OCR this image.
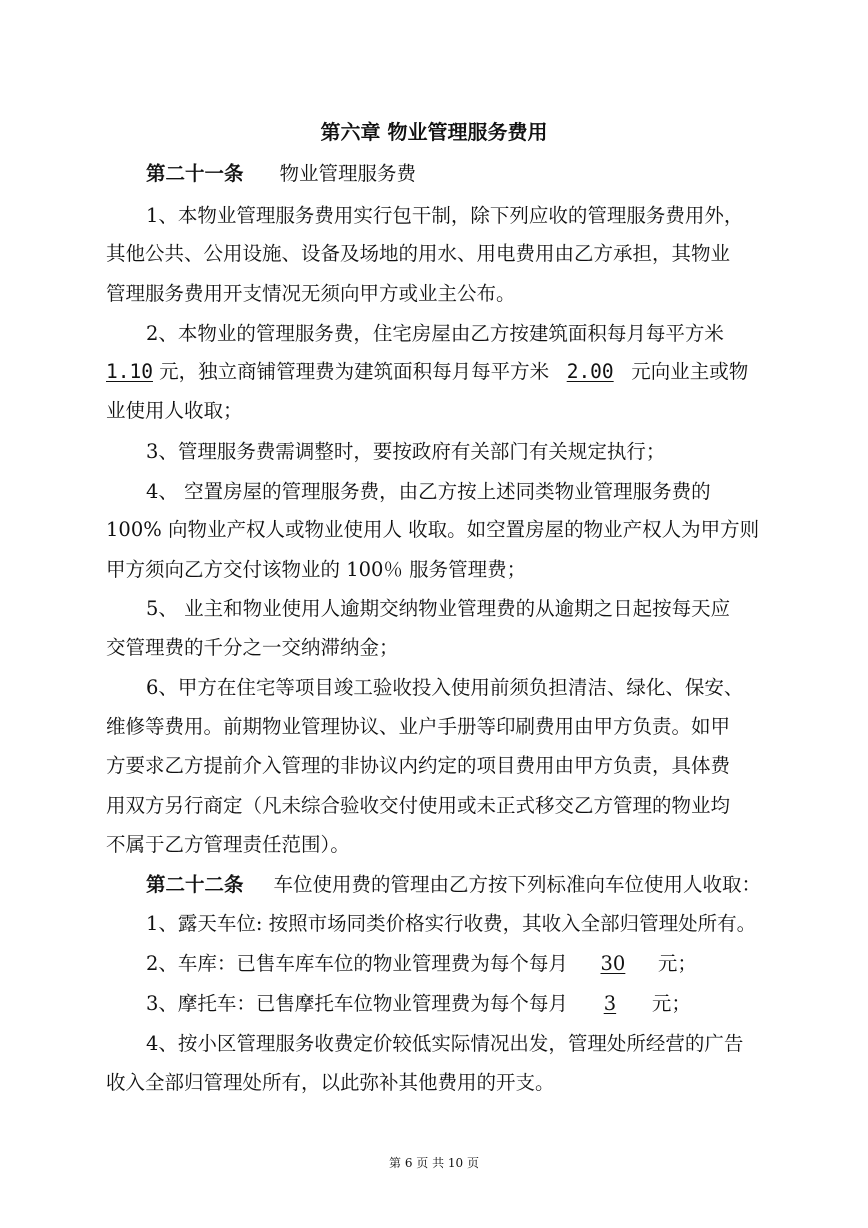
第六章 物业管理服务费用
第二十一条 物业管理服务费
1、本物业管理服务费用实行包干制，除下列应收的管理服务费用外，
其他公共、公用设施、设备及场地的用水、用电费用由乙方承担，其物业
管理服务费用开支情况无须向甲方或业主公布。
2、本物业的管理服务费，住宅房屋由乙方按建筑面积每月每平方米
1.10 元，独立商铺管理费为建筑面积每月每平方米 2.00 元向业主或物
业使用人收取；
3、管理服务费需调整时，要按政府有关部门有关规定执行；
4、 空置房屋的管理服务费，由乙方按上述同类物业管理服务费的
100% 向物业产权人或物业使用人 收取。如空置房屋的物业产权人为甲方则
甲方须向乙方交付该物业的 100％ 服务管理费；
5、 业主和物业使用人逾期交纳物业管理费的从逾期之日起按每天应
交管理费的千分之一交纳滞纳金；
6、甲方在住宅等项目竣工验收投入使用前须负担清洁、绿化、保安、
维修等费用。前期物业管理协议、业户手册等印刷费用由甲方负责。如甲
方要求乙方提前介入管理的非协议内约定的项目费用由甲方负责，具体费
用双方另行商定（凡未综合验收交付使用或未正式移交乙方管理的物业均
不属于乙方管理责任范围）。
第二十二条 车位使用费的管理由乙方按下列标准向车位使用人收取：
1、露天车位: 按照市场同类价格实行收费，其收入全部归管理处所有。
2、车库：已售车库车位的物业管理费为每个每月 30 元；
3、摩托车：已售摩托车位物业管理费为每个每月 3 元；
4、按小区管理服务收费定价较低实际情况出发，管理处所经营的广告
收入全部归管理处所有，以此弥补其他费用的开支。
第 6 页 共 10 页
